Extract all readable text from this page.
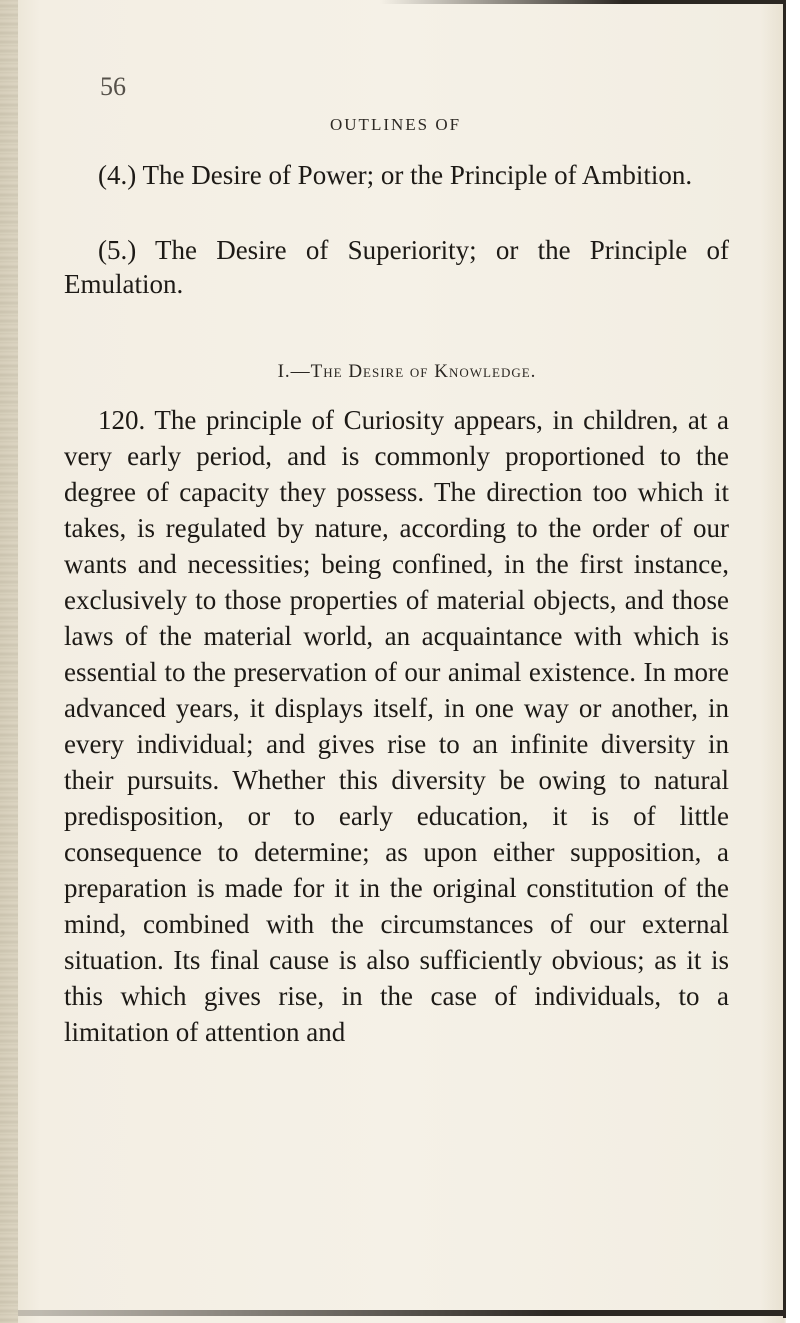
56
OUTLINES OF

(4.) The Desire of Power; or the Principle of Ambition.

(5.) The Desire of Superiority; or the Principle of Emulation.

I.—The Desire of Knowledge.

120. The principle of Curiosity appears, in children, at a very early period, and is commonly proportioned to the degree of capacity they possess. The direction too which it takes, is regulated by nature, according to the order of our wants and necessities; being confined, in the first instance, exclusively to those properties of material objects, and those laws of the material world, an acquaintance with which is essential to the preservation of our animal existence. In more advanced years, it displays itself, in one way or another, in every individual; and gives rise to an infinite diversity in their pursuits. Whether this diversity be owing to natural predisposition, or to early education, it is of little consequence to determine; as upon either supposition, a preparation is made for it in the original constitution of the mind, combined with the circumstances of our external situation. Its final cause is also sufficiently obvious; as it is this which gives rise, in the case of individuals, to a limitation of attention and
